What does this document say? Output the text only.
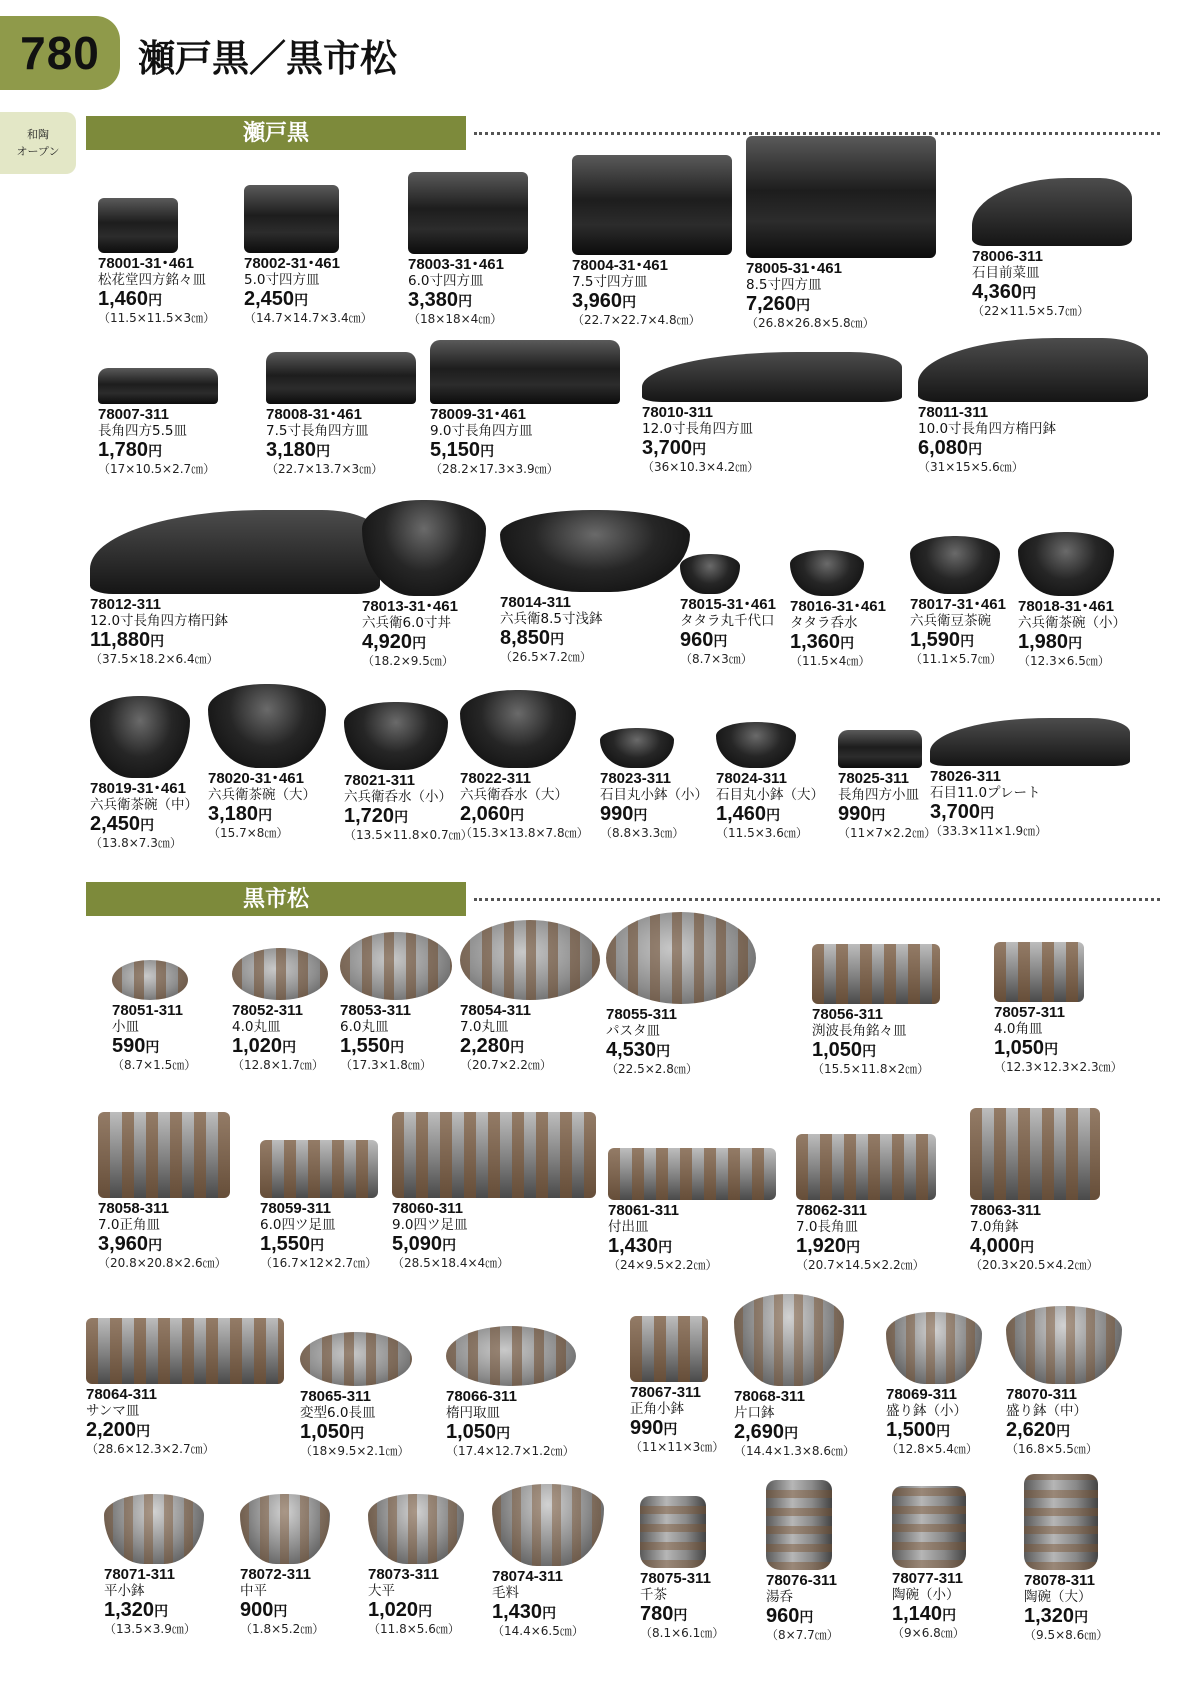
780	瀬戸黒／黒市松
和陶
オープン
瀬戸黒
黒市松
78001-31･461
松花堂四方銘々皿
1,460円
（11.5×11.5×3㎝）
78002-31･461
5.0寸四方皿
2,450円
（14.7×14.7×3.4㎝）
78003-31･461
6.0寸四方皿
3,380円
（18×18×4㎝）
78004-31･461
7.5寸四方皿
3,960円
（22.7×22.7×4.8㎝）
78005-31･461
8.5寸四方皿
7,260円
（26.8×26.8×5.8㎝）
78006-311
石目前菜皿
4,360円
（22×11.5×5.7㎝）
78007-311
長角四方5.5皿
1,780円
（17×10.5×2.7㎝）
78008-31･461
7.5寸長角四方皿
3,180円
（22.7×13.7×3㎝）
78009-31･461
9.0寸長角四方皿
5,150円
（28.2×17.3×3.9㎝）
78010-311
12.0寸長角四方皿
3,700円
（36×10.3×4.2㎝）
78011-311
10.0寸長角四方楕円鉢
6,080円
（31×15×5.6㎝）
78012-311
12.0寸長角四方楕円鉢
11,880円
（37.5×18.2×6.4㎝）
78013-31･461
六兵衛6.0寸丼
4,920円
（18.2×9.5㎝）
78014-311
六兵衛8.5寸浅鉢
8,850円
（26.5×7.2㎝）
78015-31･461
タタラ丸千代口
960円
（8.7×3㎝）
78016-31･461
タタラ呑水
1,360円
（11.5×4㎝）
78017-31･461
六兵衛豆茶碗
1,590円
（11.1×5.7㎝）
78018-31･461
六兵衛茶碗（小）
1,980円
（12.3×6.5㎝）
78019-31･461
六兵衛茶碗（中）
2,450円
（13.8×7.3㎝）
78020-31･461
六兵衛茶碗（大）
3,180円
（15.7×8㎝）
78021-311
六兵衛呑水（小）
1,720円
（13.5×11.8×0.7㎝）
78022-311
六兵衛呑水（大）
2,060円
（15.3×13.8×7.8㎝）
78023-311
石目丸小鉢（小）
990円
（8.8×3.3㎝）
78024-311
石目丸小鉢（大）
1,460円
（11.5×3.6㎝）
78025-311
長角四方小皿
990円
（11×7×2.2㎝）
78026-311
石目11.0プレート
3,700円
（33.3×11×1.9㎝）
78051-311
小皿
590円
（8.7×1.5㎝）
78052-311
4.0丸皿
1,020円
（12.8×1.7㎝）
78053-311
6.0丸皿
1,550円
（17.3×1.8㎝）
78054-311
7.0丸皿
2,280円
（20.7×2.2㎝）
78055-311
パスタ皿
4,530円
（22.5×2.8㎝）
78056-311
渕波長角銘々皿
1,050円
（15.5×11.8×2㎝）
78057-311
4.0角皿
1,050円
（12.3×12.3×2.3㎝）
78058-311
7.0正角皿
3,960円
（20.8×20.8×2.6㎝）
78059-311
6.0四ツ足皿
1,550円
（16.7×12×2.7㎝）
78060-311
9.0四ツ足皿
5,090円
（28.5×18.4×4㎝）
78061-311
付出皿
1,430円
（24×9.5×2.2㎝）
78062-311
7.0長角皿
1,920円
（20.7×14.5×2.2㎝）
78063-311
7.0角鉢
4,000円
（20.3×20.5×4.2㎝）
78064-311
サンマ皿
2,200円
（28.6×12.3×2.7㎝）
78065-311
変型6.0長皿
1,050円
（18×9.5×2.1㎝）
78066-311
楕円取皿
1,050円
（17.4×12.7×1.2㎝）
78067-311
正角小鉢
990円
（11×11×3㎝）
78068-311
片口鉢
2,690円
（14.4×1.3×8.6㎝）
78069-311
盛り鉢（小）
1,500円
（12.8×5.4㎝）
78070-311
盛り鉢（中）
2,620円
（16.8×5.5㎝）
78071-311
平小鉢
1,320円
（13.5×3.9㎝）
78072-311
中平
900円
（1.8×5.2㎝）
78073-311
大平
1,020円
（11.8×5.6㎝）
78074-311
毛料
1,430円
（14.4×6.5㎝）
78075-311
千茶
780円
（8.1×6.1㎝）
78076-311
湯呑
960円
（8×7.7㎝）
78077-311
陶碗（小）
1,140円
（9×6.8㎝）
78078-311
陶碗（大）
1,320円
（9.5×8.6㎝）
